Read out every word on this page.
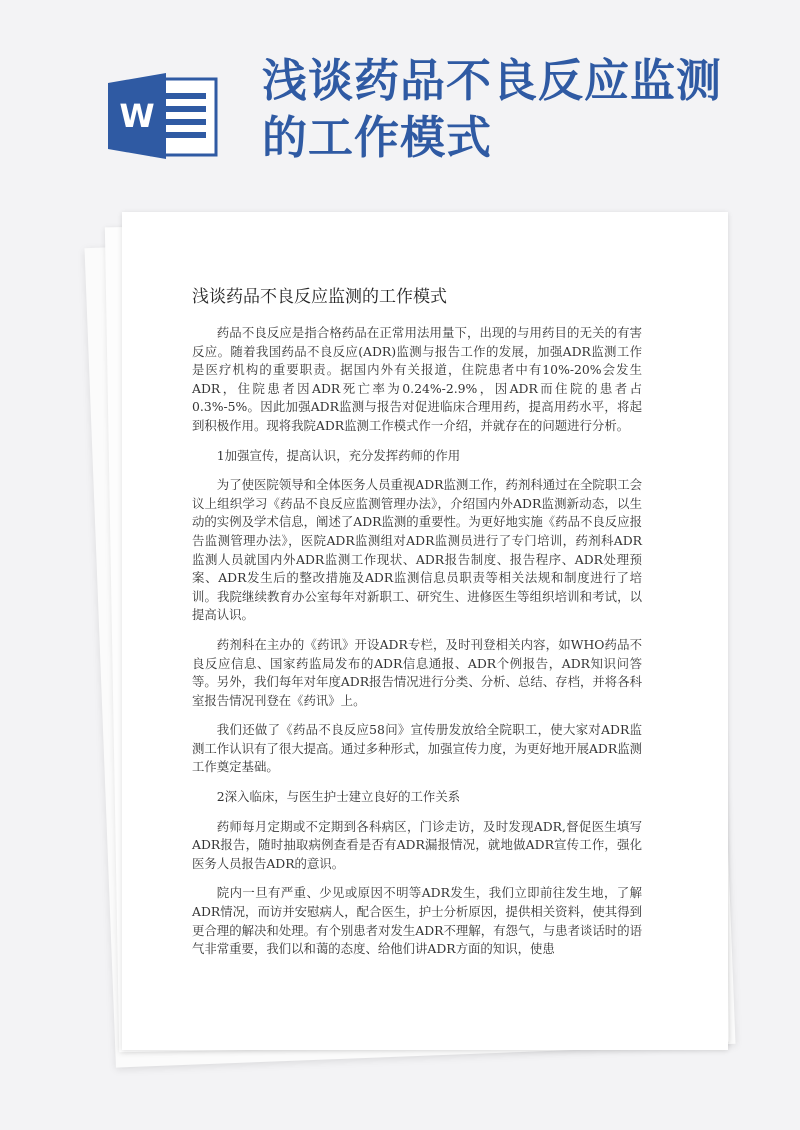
W
浅谈药品不良反应监测的工作模式
浅谈药品不良反应监测的工作模式

药品不良反应是指合格药品在正常用法用量下，出现的与用药目的无关的有害反应。随着我国药品不良反应(ADR)监测与报告工作的发展，加强ADR监测工作是医疗机构的重要职责。据国内外有关报道，住院患者中有10%-20%会发生ADR，住院患者因ADR死亡率为0.24%-2.9%，因ADR而住院的患者占0.3%-5%。因此加强ADR监测与报告对促进临床合理用药，提高用药水平，将起到积极作用。现将我院ADR监测工作模式作一介绍，并就存在的问题进行分析。

1加强宣传，提高认识，充分发挥药师的作用

为了使医院领导和全体医务人员重视ADR监测工作，药剂科通过在全院职工会议上组织学习《药品不良反应监测管理办法》，介绍国内外ADR监测新动态，以生动的实例及学术信息，阐述了ADR监测的重要性。为更好地实施《药品不良反应报告监测管理办法》，医院ADR监测组对ADR监测员进行了专门培训，药剂科ADR监测人员就国内外ADR监测工作现状、ADR报告制度、报告程序、ADR处理预案、ADR发生后的整改措施及ADR监测信息员职责等相关法规和制度进行了培训。我院继续教育办公室每年对新职工、研究生、进修医生等组织培训和考试，以提高认识。

药剂科在主办的《药讯》开设ADR专栏，及时刊登相关内容，如WHO药品不良反应信息、国家药监局发布的ADR信息通报、ADR个例报告，ADR知识问答等。另外，我们每年对年度ADR报告情况进行分类、分析、总结、存档，并将各科室报告情况刊登在《药讯》上。

我们还做了《药品不良反应58问》宣传册发放给全院职工，使大家对ADR监测工作认识有了很大提高。通过多种形式，加强宣传力度，为更好地开展ADR监测工作奠定基础。

2深入临床，与医生护士建立良好的工作关系

药师每月定期或不定期到各科病区，门诊走访，及时发现ADR,督促医生填写ADR报告，随时抽取病例查看是否有ADR漏报情况，就地做ADR宣传工作，强化医务人员报告ADR的意识。

院内一旦有严重、少见或原因不明等ADR发生，我们立即前往发生地，了解ADR情况，而访并安慰病人，配合医生，护士分析原因，提供相关资料，使其得到更合理的解决和处理。有个别患者对发生ADR不理解，有怨气，与患者谈话时的语气非常重要，我们以和蔼的态度、给他们讲ADR方面的知识，使患
